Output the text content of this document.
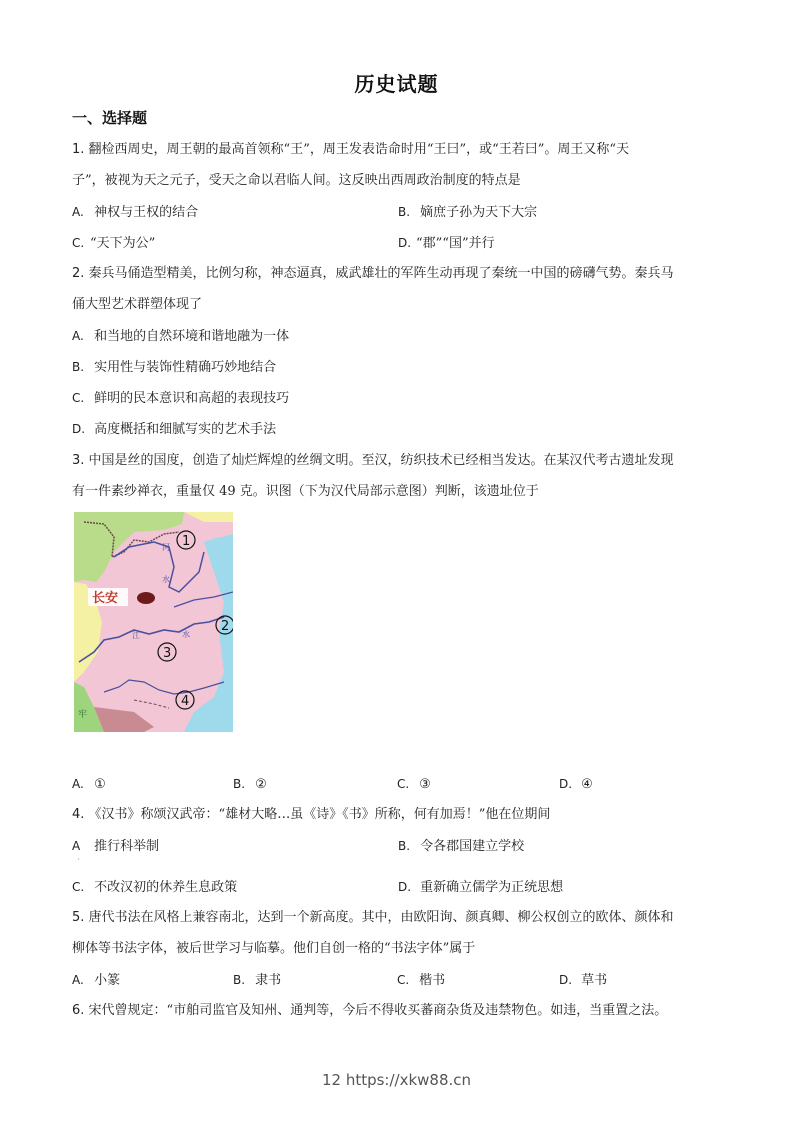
历史试题
一、选择题
1. 翻检西周史，周王朝的最高首领称“王”，周王发表诰命时用“王曰”，或“王若曰”。周王又称“天
子”，被视为天之元子，受天之命以君临人间。这反映出西周政治制度的特点是
A. 神权与王权的结合	B. 嫡庶子孙为天下大宗
C. “天下为公”	D. “郡”“国”并行
2. 秦兵马俑造型精美，比例匀称，神态逼真，威武雄壮的军阵生动再现了秦统一中国的磅礴气势。秦兵马
俑大型艺术群塑体现了
A. 和当地的自然环境和谐地融为一体
B. 实用性与装饰性精确巧妙地结合
C. 鲜明的民本意识和高超的表现技巧
D. 高度概括和细腻写实的艺术手法
3. 中国是丝的国度，创造了灿烂辉煌的丝绸文明。至汉，纺织技术已经相当发达。在某汉代考古遗址发现
有一件素纱禅衣，重量仅 49 克。识图（下为汉代局部示意图）判断，该遗址位于
河
水
江	水
长安
1
2
3
4
牢
A. ①	B. ②	C. ③	D. ④
4. 《汉书》称颂汉武帝：“雄材大略…虽《诗》《书》所称，何有加焉！”他在位期间
A 推行科举制
'
B. 令各郡国建立学校
C. 不改汉初的休养生息政策	D. 重新确立儒学为正统思想
5. 唐代书法在风格上兼容南北，达到一个新高度。其中，由欧阳询、颜真卿、柳公权创立的欧体、颜体和
柳体等书法字体，被后世学习与临摹。他们自创一格的“书法字体”属于
A. 小篆	B. 隶书	C. 楷书	D. 草书
6. 宋代曾规定：“市舶司监官及知州、通判等，今后不得收买蕃商杂货及违禁物色。如违，当重置之法。
12 https://xkw88.cn
